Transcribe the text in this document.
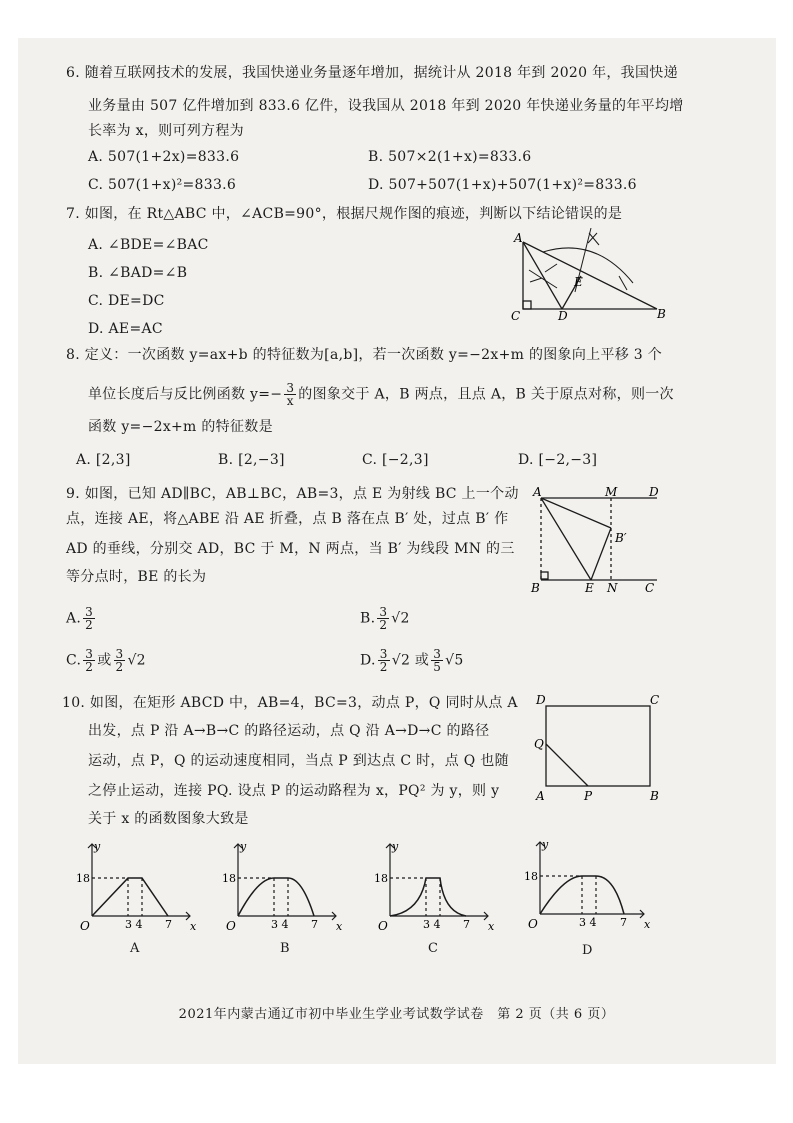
6. 随着互联网技术的发展，我国快递业务量逐年增加，据统计从 2018 年到 2020 年，我国快递
业务量由 507 亿件增加到 833.6 亿件，设我国从 2018 年到 2020 年快递业务量的年平均增
长率为 x，则可列方程为
A. 507(1+2x)=833.6	B. 507×2(1+x)=833.6
C. 507(1+x)²=833.6	D. 507+507(1+x)+507(1+x)²=833.6
7. 如图，在 Rt△ABC 中，∠ACB=90°，根据尺规作图的痕迹，判断以下结论错误的是
A. ∠BDE=∠BAC
B. ∠BAD=∠B
C. DE=DC
D. AE=AC
A
C	D	B
E
8. 定义：一次函数 y=ax+b 的特征数为[a,b]，若一次函数 y=−2x+m 的图象向上平移 3 个
单位长度后与反比例函数 $y=- \frac{3}{x}$ 的图象交于 A，B 两点，且点 A，B 关于原点对称，则一次
函数 y=−2x+m 的特征数是
A. [2,3]	B. [2,−3]	C. [−2,3]	D. [−2,−3]
9. 如图，已知 AD∥BC，AB⊥BC，AB=3，点 E 为射线 BC 上一个动
点，连接 AE，将△ABE 沿 AE 折叠，点 B 落在点 B′ 处，过点 B′ 作
AD 的垂线，分别交 AD，BC 于 M，N 两点，当 B′ 为线段 MN 的三
等分点时，BE 的长为
A. $\frac{3}{2}$	B. $\frac{3}{2} √2$
C. $\frac{3}{2}$ 或 $\frac{3}{2} √2$	D. $\frac{3}{2} √2$ 或 $\frac{3}{5} √5$
A	M	D
B′
B	E N C
10. 如图，在矩形 ABCD 中，AB=4，BC=3，动点 P，Q 同时从点 A
出发，点 P 沿 A→B→C 的路径运动，点 Q 沿 A→D→C 的路径
运动，点 P，Q 的运动速度相同，当点 P 到达点 C 时，点 Q 也随
之停止运动，连接 PQ. 设点 P 的运动路程为 x，PQ² 为 y，则 y
关于 x 的函数图象大致是
D	C
Q
A	P	B
y
x
O
18
3 4 7
A
y
x
O
18
3 4 7
B
y
x
O
18
3 4 7
C
y
x
O
18
3 4 7
D
2021年内蒙古通辽市初中毕业生学业考试数学试卷　第 2 页（共 6 页）
